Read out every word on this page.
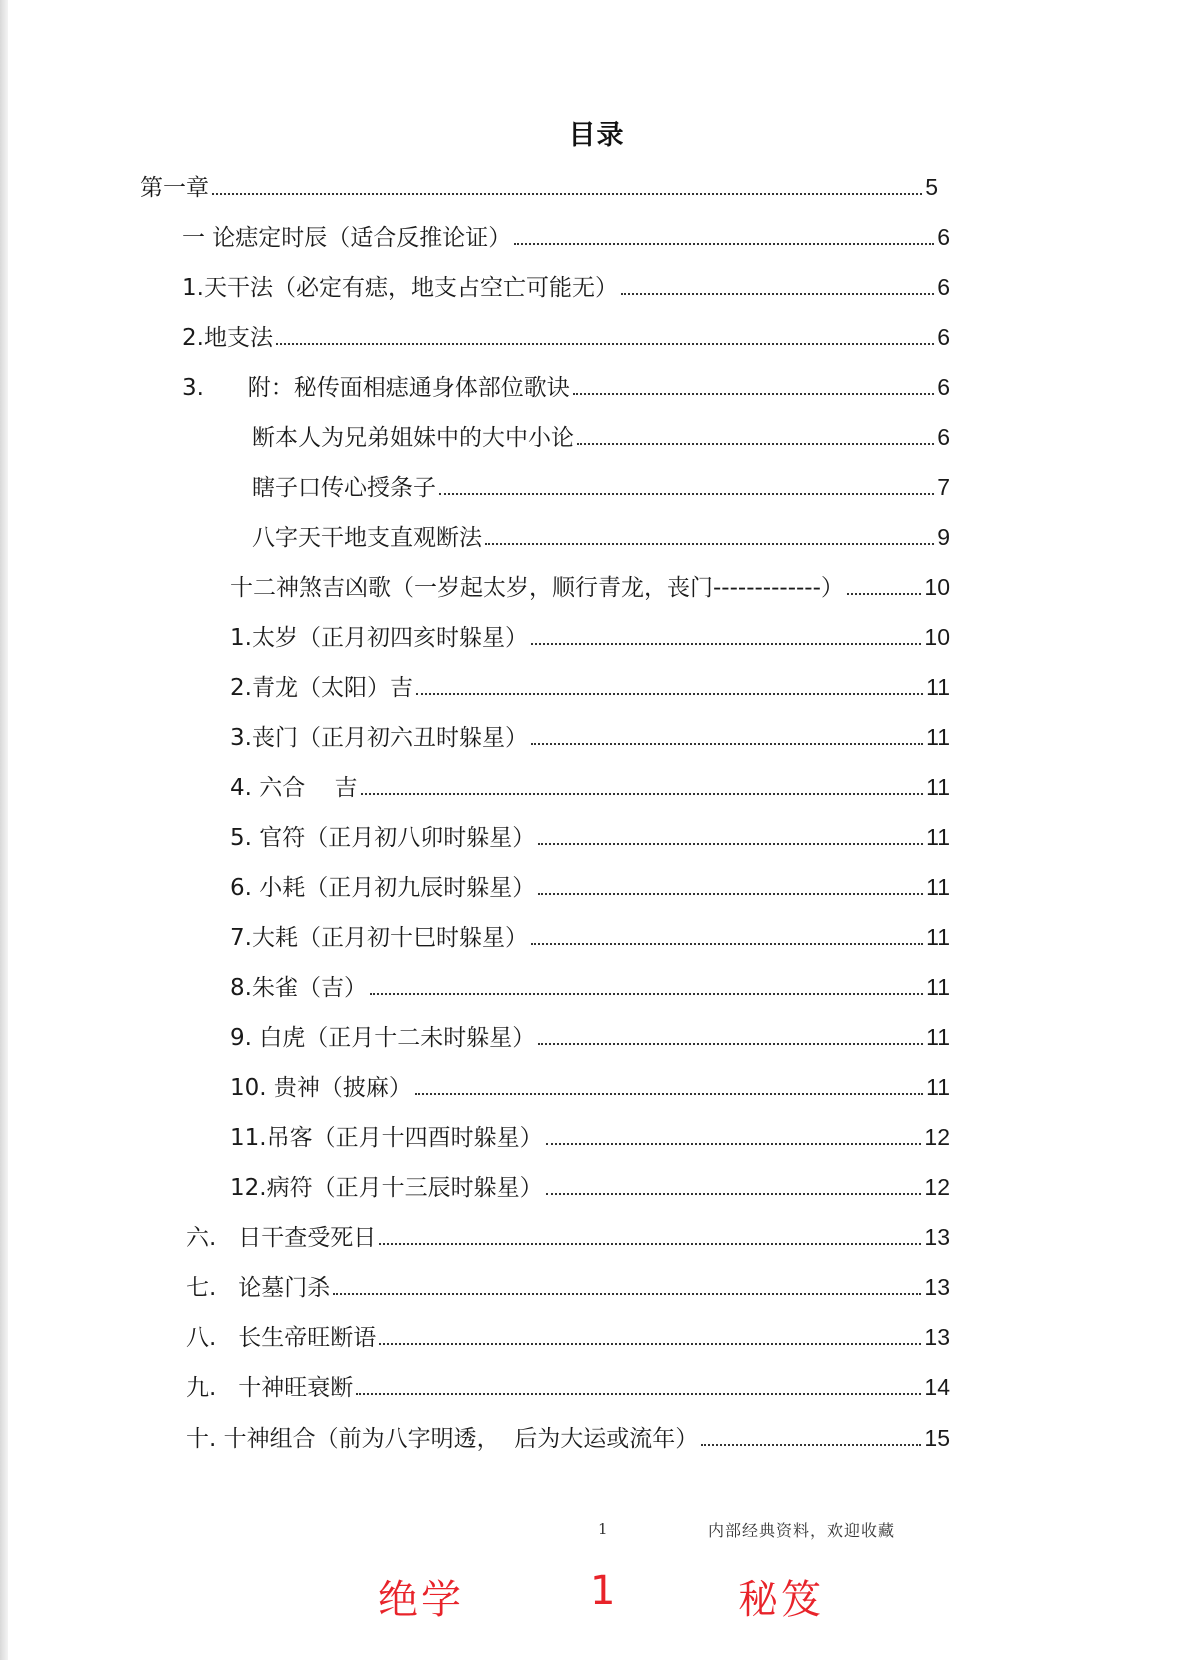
目录
第一章	5
一 论痣定时辰（适合反推论证）	6
1.天干法（必定有痣，地支占空亡可能无）	6
2.地支法	6
3.      附：秘传面相痣通身体部位歌诀	6
断本人为兄弟姐妹中的大中小论	6
瞎子口传心授条子	7
八字天干地支直观断法	9
十二神煞吉凶歌（一岁起太岁，顺行青龙，丧门-------------）	10
1.太岁（正月初四亥时躲星）	10
2.青龙（太阳）吉	11
3.丧门（正月初六丑时躲星）	11
4. 六合    吉	11
5. 官符（正月初八卯时躲星）	11
6. 小耗（正月初九辰时躲星）	11
7.大耗（正月初十巳时躲星）	11
8.朱雀（吉）	11
9. 白虎（正月十二未时躲星）	11
10. 贵神（披麻）	11
11.吊客（正月十四酉时躲星）	12
12.病符（正月十三辰时躲星）	12
六.   日干查受死日	13
七.   论墓门杀	13
八.   长生帝旺断语	13
九.   十神旺衰断	14
十. 十神组合（前为八字明透，  后为大运或流年）	15
1	内部经典资料，欢迎收藏
绝学	1	秘笈
